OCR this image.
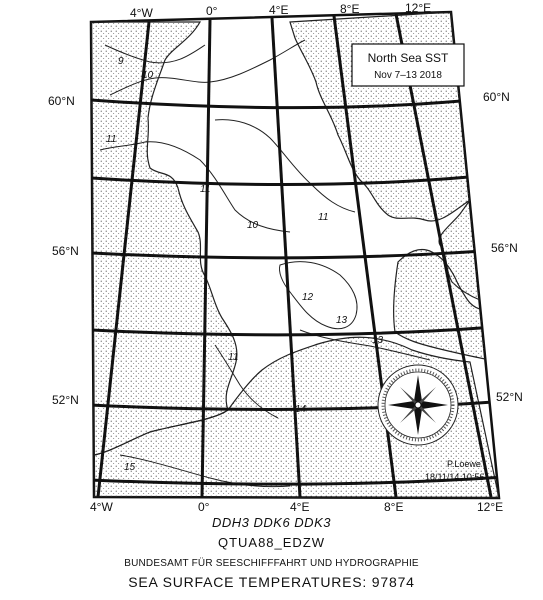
9
10
11
11
10
11
12
13
13
11
14
15
60°N	60°N
56°N	56°N
52°N	52°N
4°W	0°	4°E	8°E	12°E
4°W	0°	4°E	8°E	12°E
North Sea SST
Nov 7–13 2018
P.Loewe
18/11/14 10:56
DDH3 DDK6 DDK3
QTUA88_EDZW
BUNDESAMT FÜR SEESCHIFFFAHRT UND HYDROGRAPHIE
SEA SURFACE TEMPERATURES: 97874
